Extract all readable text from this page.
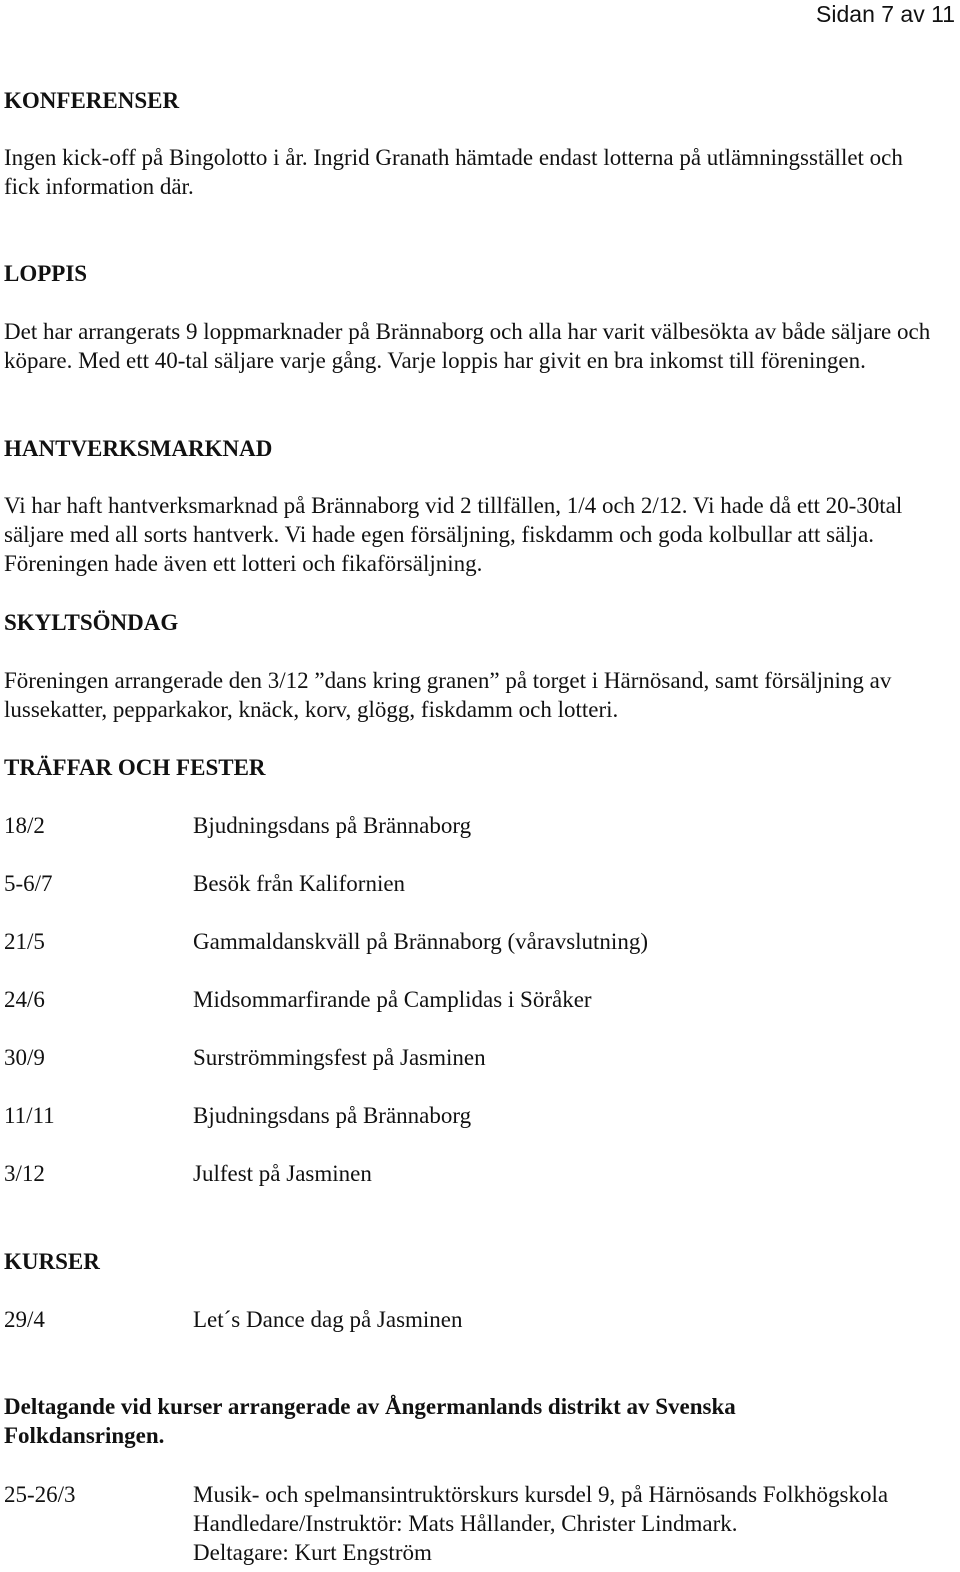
Sidan 7 av 11
KONFERENSER
Ingen kick-off på Bingolotto i år. Ingrid Granath hämtade endast lotterna på utlämningsstället och fick information där.
LOPPIS
Det har arrangerats 9 loppmarknader på Brännaborg och alla har varit välbesökta av både säljare och köpare. Med ett 40-tal säljare varje gång. Varje loppis har givit en bra inkomst till föreningen.
HANTVERKSMARKNAD
Vi har haft hantverksmarknad på Brännaborg vid 2 tillfällen, 1/4 och 2/12. Vi hade då ett 20-30tal säljare med all sorts hantverk. Vi hade egen försäljning, fiskdamm och goda kolbullar att sälja. Föreningen hade även ett lotteri och fikaförsäljning.
SKYLTSÖNDAG
Föreningen arrangerade den 3/12 ”dans kring granen” på torget i Härnösand, samt försäljning av lussekatter, pepparkakor, knäck, korv, glögg, fiskdamm och lotteri.
TRÄFFAR OCH FESTER
18/2	Bjudningsdans på Brännaborg
5-6/7	Besök från Kalifornien
21/5	Gammaldanskväll på Brännaborg (våravslutning)
24/6	Midsommarfirande på Camplidas i Söråker
30/9	Surströmmingsfest på Jasminen
11/11	Bjudningsdans på Brännaborg
3/12	Julfest på Jasminen
KURSER
29/4	Let´s Dance dag på Jasminen
Deltagande vid kurser arrangerade av Ångermanlands distrikt av Svenska Folkdansringen.
25-26/3	Musik- och spelmansintruktörskurs kursdel 9, på Härnösands Folkhögskola
Handledare/Instruktör: Mats Hållander, Christer Lindmark.
Deltagare: Kurt Engström
